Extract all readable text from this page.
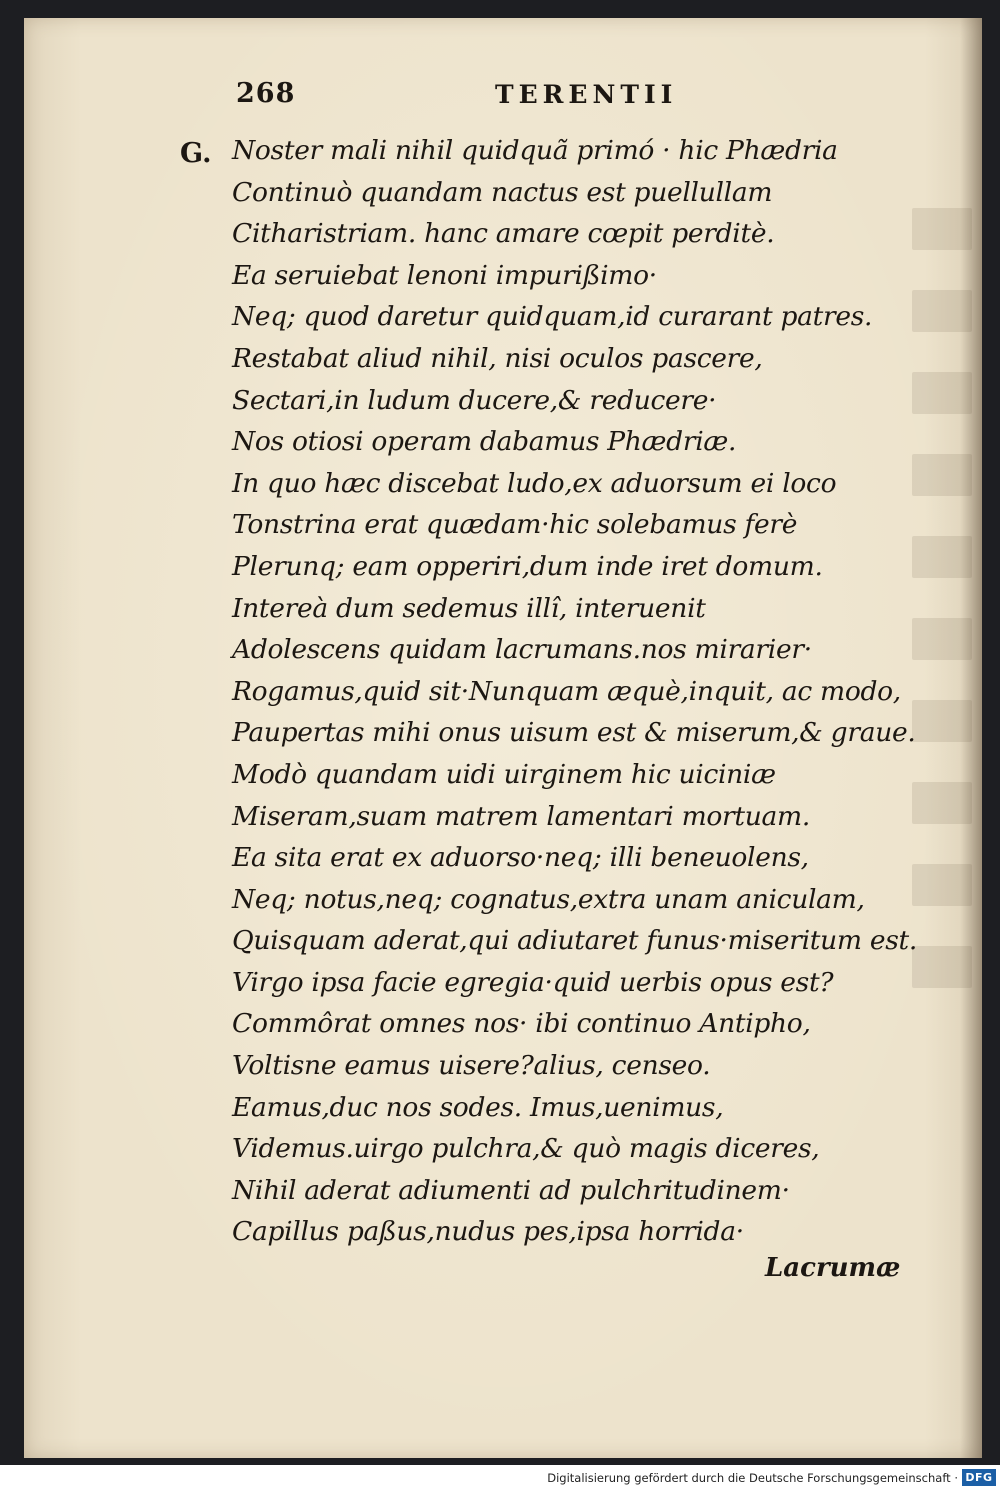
268	TERENTII
G. Noster mali nihil quidquã primó · hic Phædria
Continuò quandam nactus est puellullam
Citharistriam. hanc amare cœpit perditè.
Ea seruiebat lenoni impurißimo·
Neq; quod daretur quidquam,id curarant patres.
Restabat aliud nihil, nisi oculos pascere,
Sectari,in ludum ducere,& reducere·
Nos otiosi operam dabamus Phædriæ.
In quo hæc discebat ludo,ex aduorsum ei loco
Tonstrina erat quædam·hic solebamus ferè
Plerunq; eam opperiri,dum inde iret domum.
Intereà dum sedemus illî, interuenit
Adolescens quidam lacrumans.nos mirarier·
Rogamus,quid sit·Nunquam æquè,inquit, ac modo,
Paupertas mihi onus uisum est & miserum,& graue.
Modò quandam uidi uirginem hic uiciniæ
Miseram,suam matrem lamentari mortuam.
Ea sita erat ex aduorso·neq; illi beneuolens,
Neq; notus,neq; cognatus,extra unam aniculam,
Quisquam aderat,qui adiutaret funus·miseritum est.
Virgo ipsa facie egregia·quid uerbis opus est?
Commôrat omnes nos· ibi continuo Antipho,
Voltisne eamus uisere?alius, censeo.
Eamus,duc nos sodes. Imus,uenimus,
Videmus.uirgo pulchra,& quò magis diceres,
Nihil aderat adiumenti ad pulchritudinem·
Capillus paßus,nudus pes,ipsa horrida·
Lacrumæ
Digitalisierung gefördert durch die Deutsche Forschungsgemeinschaft · DFG
